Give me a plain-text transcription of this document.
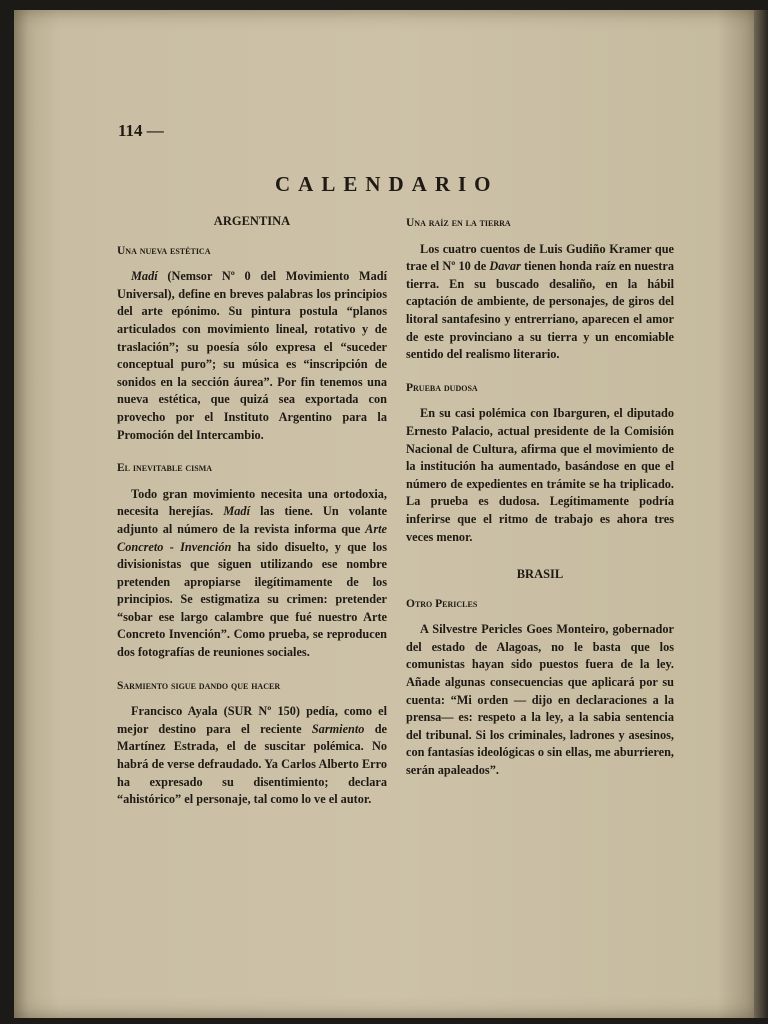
114 —
CALENDARIO
ARGENTINA
Una nueva estética

Madí (Nemsor Nº 0 del Movimiento Madí Universal), define en breves palabras los principios del arte epónimo. Su pintura postula “planos articulados con movimiento lineal, rotativo y de traslación”; su poesía sólo expresa el “suceder conceptual puro”; su música es “inscripción de sonidos en la sección áurea”. Por fin tenemos una nueva estética, que quizá sea exportada con provecho por el Instituto Argentino para la Promoción del Intercambio.

El inevitable cisma

Todo gran movimiento necesita una ortodoxia, necesita herejías. Madí las tiene. Un volante adjunto al número de la revista informa que Arte Concreto - Invención ha sido disuelto, y que los divisionistas que siguen utilizando ese nombre pretenden apropiarse ilegítimamente de los principios. Se estigmatiza su crimen: pretender “sobar ese largo calambre que fué nuestro Arte Concreto Invención”. Como prueba, se reproducen dos fotografías de reuniones sociales.

Sarmiento sigue dando que hacer

Francisco Ayala (SUR Nº 150) pedía, como el mejor destino para el reciente Sarmiento de Martínez Estrada, el de suscitar polémica. No habrá de verse defraudado. Ya Carlos Alberto Erro ha expresado su disentimiento; declara “ahistórico” el personaje, tal como lo ve el autor.

Una raíz en la tierra

Los cuatro cuentos de Luis Gudiño Kramer que trae el Nº 10 de Davar tienen honda raíz en nuestra tierra. En su buscado desaliño, en la hábil captación de ambiente, de personajes, de giros del litoral santafesino y entrerriano, aparecen el amor de este provinciano a su tierra y un encomiable sentido del realismo literario.

Prueba dudosa

En su casi polémica con Ibarguren, el diputado Ernesto Palacio, actual presidente de la Comisión Nacional de Cultura, afirma que el movimiento de la institución ha aumentado, basándose en que el número de expedientes en trámite se ha triplicado. La prueba es dudosa. Legítimamente podría inferirse que el ritmo de trabajo es ahora tres veces menor.

BRASIL
Otro Pericles

A Silvestre Pericles Goes Monteiro, gobernador del estado de Alagoas, no le basta que los comunistas hayan sido puestos fuera de la ley. Añade algunas consecuencias que aplicará por su cuenta: “Mi orden — dijo en declaraciones a la prensa— es: respeto a la ley, a la sabia sentencia del tribunal. Si los criminales, ladrones y asesinos, con fantasías ideológicas o sin ellas, me aburrieren, serán apaleados”.
